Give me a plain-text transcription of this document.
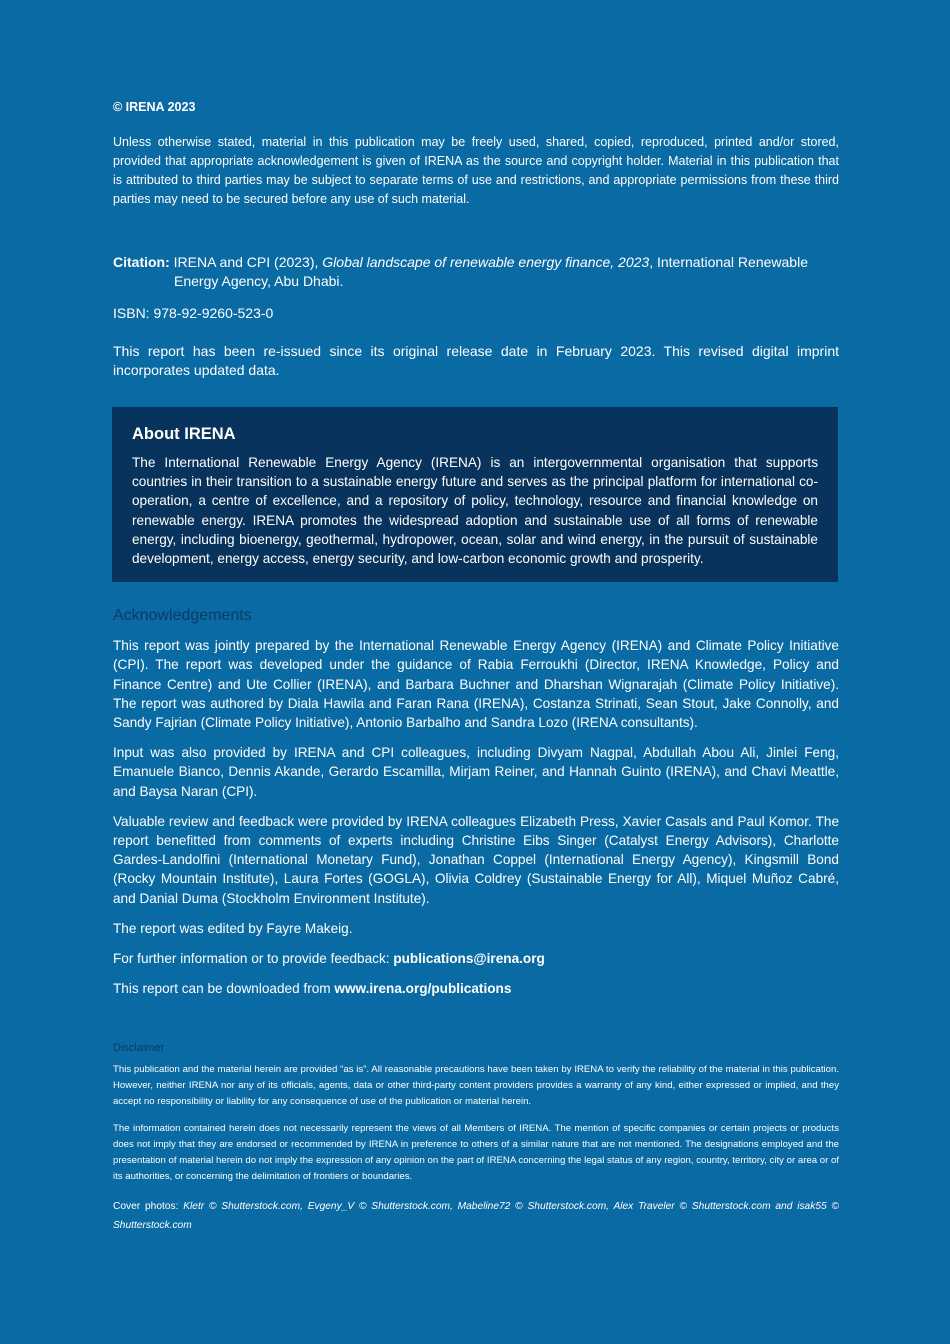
© IRENA 2023

Unless otherwise stated, material in this publication may be freely used, shared, copied, reproduced, printed and/or stored, provided that appropriate acknowledgement is given of IRENA as the source and copyright holder. Material in this publication that is attributed to third parties may be subject to separate terms of use and restrictions, and appropriate permissions from these third parties may need to be secured before any use of such material.

Citation: IRENA and CPI (2023), Global landscape of renewable energy finance, 2023, International Renewable Energy Agency, Abu Dhabi.

ISBN: 978-92-9260-523-0

This report has been re-issued since its original release date in February 2023. This revised digital imprint incorporates updated data.

About IRENA

The International Renewable Energy Agency (IRENA) is an intergovernmental organisation that supports countries in their transition to a sustainable energy future and serves as the principal platform for international co-operation, a centre of excellence, and a repository of policy, technology, resource and financial knowledge on renewable energy. IRENA promotes the widespread adoption and sustainable use of all forms of renewable energy, including bioenergy, geothermal, hydropower, ocean, solar and wind energy, in the pursuit of sustainable development, energy access, energy security, and low-carbon economic growth and prosperity.

Acknowledgements

This report was jointly prepared by the International Renewable Energy Agency (IRENA) and Climate Policy Initiative (CPI). The report was developed under the guidance of Rabia Ferroukhi (Director, IRENA Knowledge, Policy and Finance Centre) and Ute Collier (IRENA), and Barbara Buchner and Dharshan Wignarajah (Climate Policy Initiative). The report was authored by Diala Hawila and Faran Rana (IRENA), Costanza Strinati, Sean Stout, Jake Connolly, and Sandy Fajrian (Climate Policy Initiative), Antonio Barbalho and Sandra Lozo (IRENA consultants).

Input was also provided by IRENA and CPI colleagues, including Divyam Nagpal, Abdullah Abou Ali, Jinlei Feng, Emanuele Bianco, Dennis Akande, Gerardo Escamilla, Mirjam Reiner, and Hannah Guinto (IRENA), and Chavi Meattle, and Baysa Naran (CPI).

Valuable review and feedback were provided by IRENA colleagues Elizabeth Press, Xavier Casals and Paul Komor. The report benefitted from comments of experts including Christine Eibs Singer (Catalyst Energy Advisors), Charlotte Gardes-Landolfini (International Monetary Fund), Jonathan Coppel (International Energy Agency), Kingsmill Bond (Rocky Mountain Institute), Laura Fortes (GOGLA), Olivia Coldrey (Sustainable Energy for All), Miquel Muñoz Cabré, and Danial Duma (Stockholm Environment Institute).

The report was edited by Fayre Makeig.

For further information or to provide feedback: publications@irena.org

This report can be downloaded from www.irena.org/publications

Disclaimer

This publication and the material herein are provided “as is”. All reasonable precautions have been taken by IRENA to verify the reliability of the material in this publication. However, neither IRENA nor any of its officials, agents, data or other third-party content providers provides a warranty of any kind, either expressed or implied, and they accept no responsibility or liability for any consequence of use of the publication or material herein.

The information contained herein does not necessarily represent the views of all Members of IRENA. The mention of specific companies or certain projects or products does not imply that they are endorsed or recommended by IRENA in preference to others of a similar nature that are not mentioned. The designations employed and the presentation of material herein do not imply the expression of any opinion on the part of IRENA concerning the legal status of any region, country, territory, city or area or of its authorities, or concerning the delimitation of frontiers or boundaries.

Cover photos: Kletr © Shutterstock.com, Evgeny_V © Shutterstock.com, Mabeline72 © Shutterstock.com, Alex Traveler © Shutterstock.com and isak55 © Shutterstock.com
